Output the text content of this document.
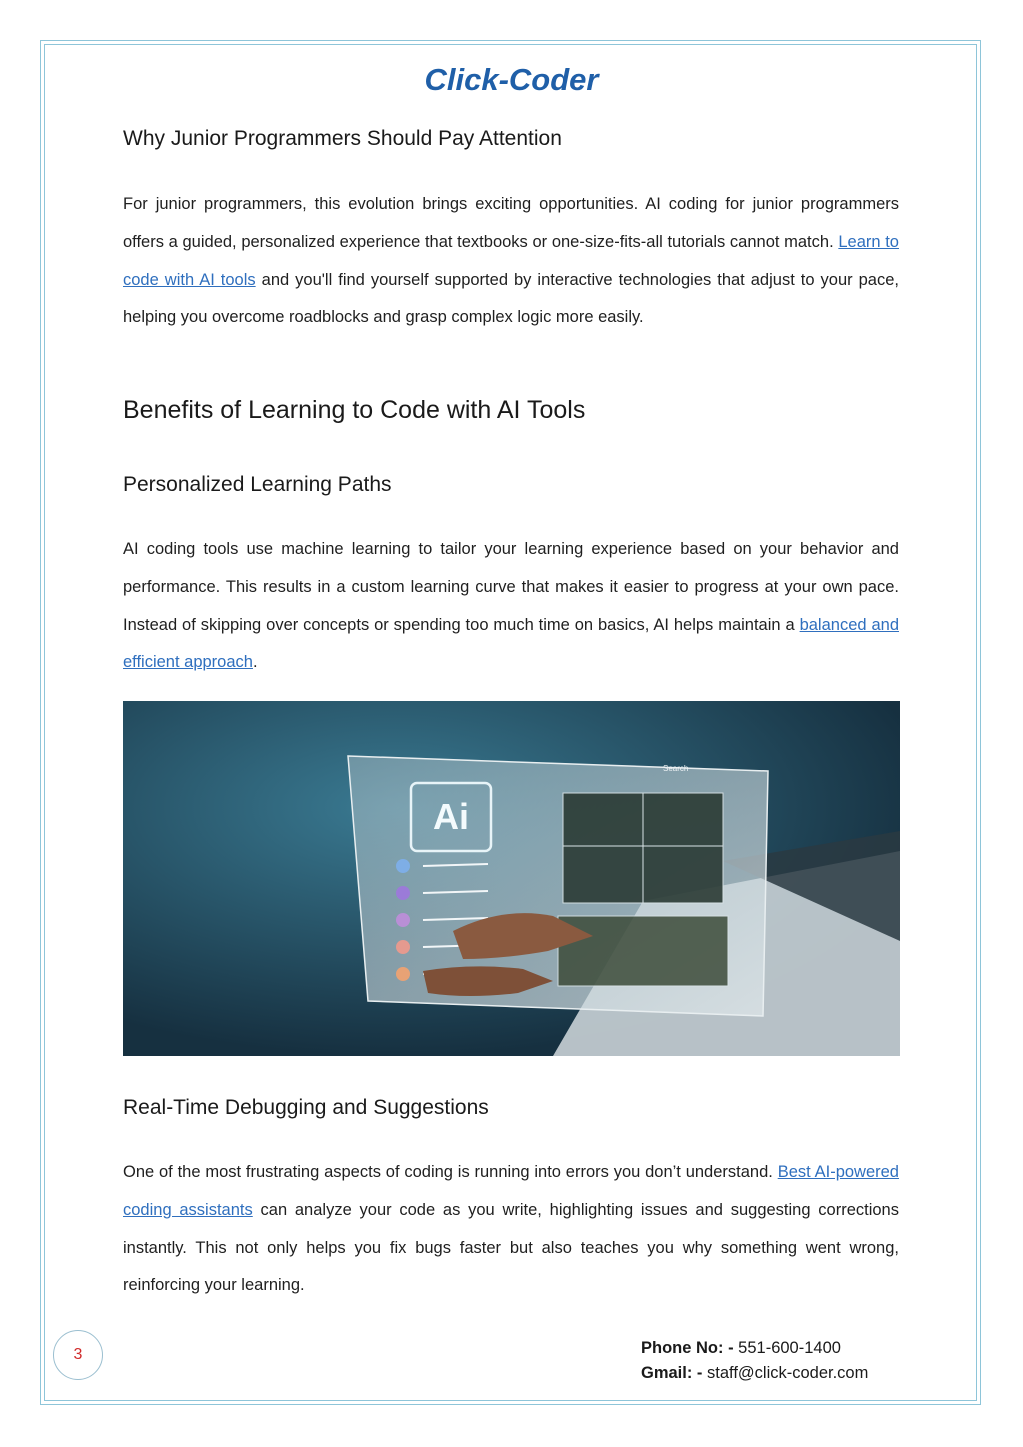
Click-Coder
Why Junior Programmers Should Pay Attention
For junior programmers, this evolution brings exciting opportunities. AI coding for junior programmers offers a guided, personalized experience that textbooks or one-size-fits-all tutorials cannot match. Learn to code with AI tools and you'll find yourself supported by interactive technologies that adjust to your pace, helping you overcome roadblocks and grasp complex logic more easily.
Benefits of Learning to Code with AI Tools
Personalized Learning Paths
AI coding tools use machine learning to tailor your learning experience based on your behavior and performance. This results in a custom learning curve that makes it easier to progress at your own pace. Instead of skipping over concepts or spending too much time on basics, AI helps maintain a balanced and efficient approach.
Ai
Search
Real-Time Debugging and Suggestions
One of the most frustrating aspects of coding is running into errors you don’t understand. Best AI-powered coding assistants can analyze your code as you write, highlighting issues and suggesting corrections instantly. This not only helps you fix bugs faster but also teaches you why something went wrong, reinforcing your learning.
3	Phone No: - 551-600-1400
Gmail: - staff@click-coder.com
